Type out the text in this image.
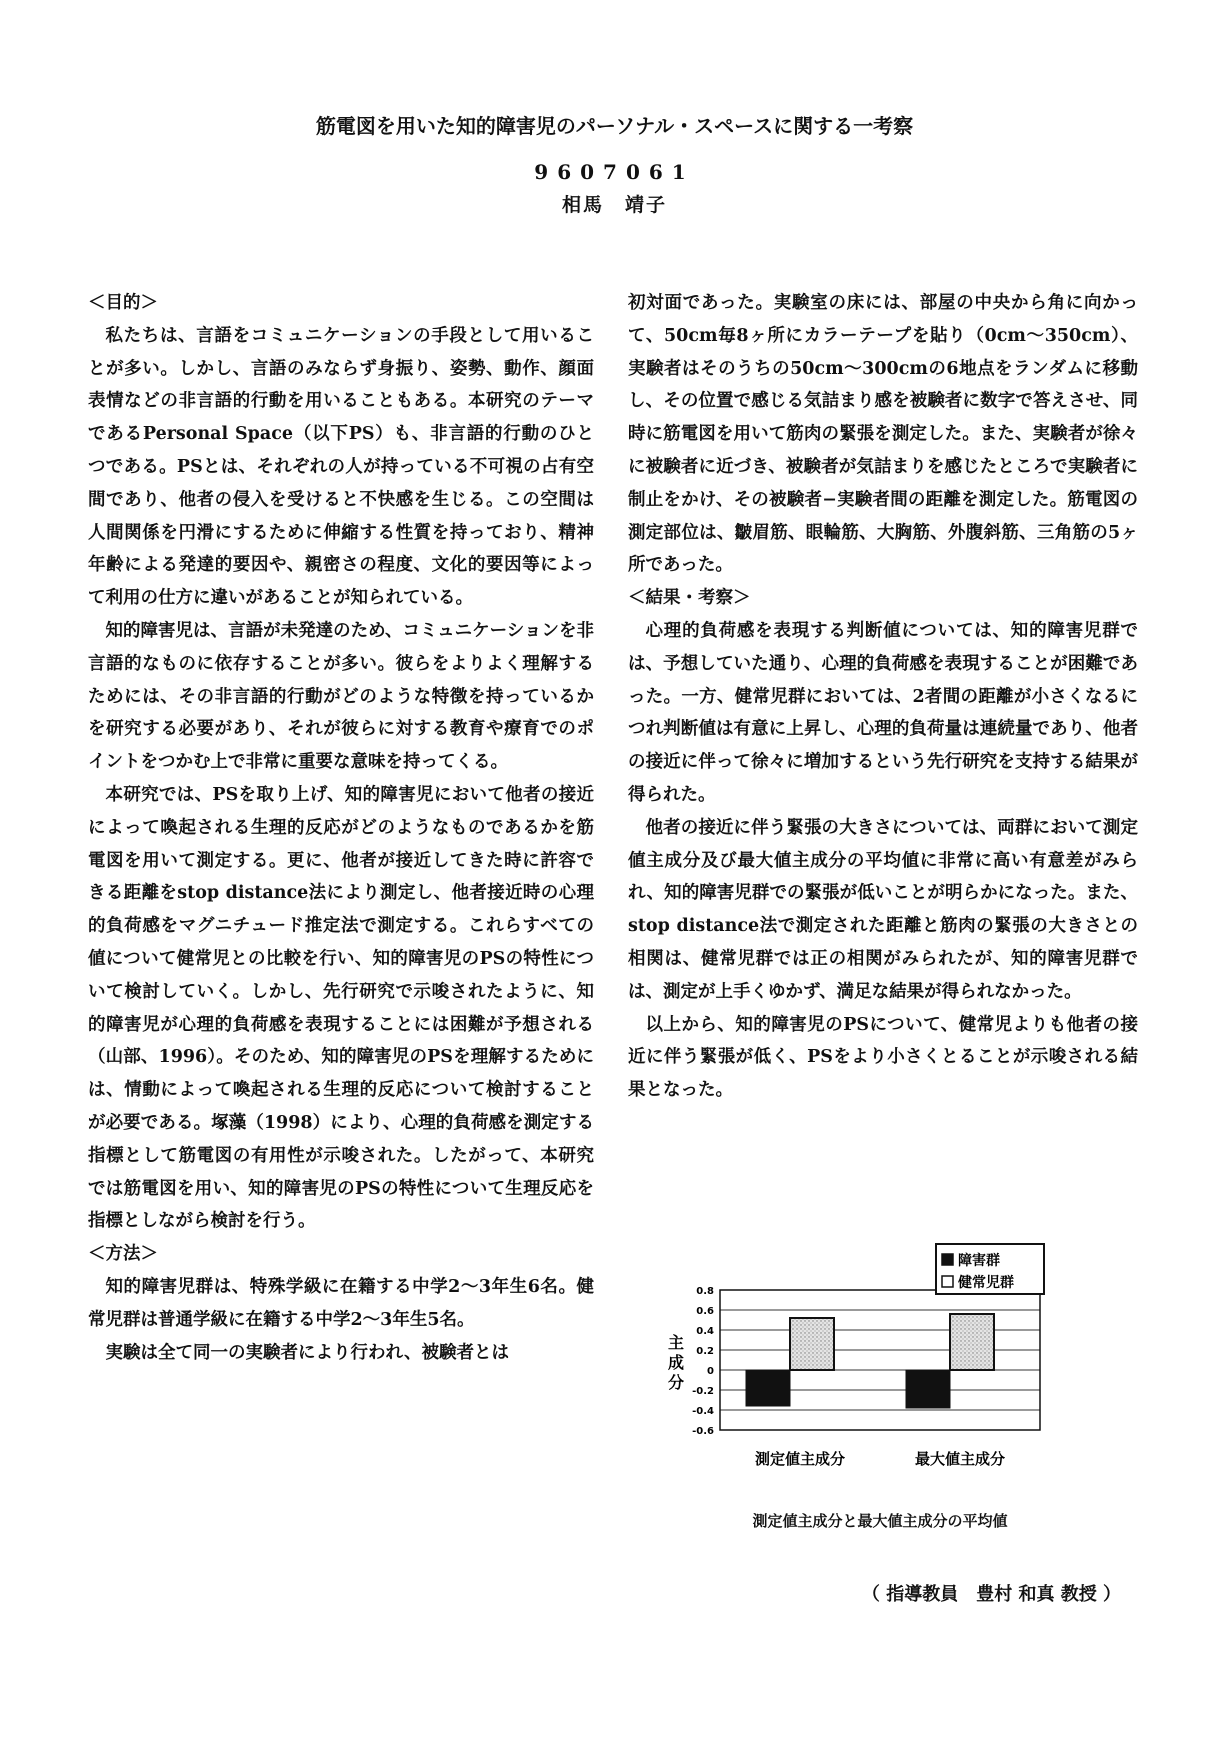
筋電図を用いた知的障害児のパーソナル・スペースに関する一考察
9607061
相馬　靖子

＜目的＞

私たちは、言語をコミュニケーションの手段として用いることが多い。しかし、言語のみならず身振り、姿勢、動作、顔面表情などの非言語的行動を用いることもある。本研究のテーマであるPersonal Space（以下PS）も、非言語的行動のひとつである。PSとは、それぞれの人が持っている不可視の占有空間であり、他者の侵入を受けると不快感を生じる。この空間は人間関係を円滑にするために伸縮する性質を持っており、精神年齢による発達的要因や、親密さの程度、文化的要因等によって利用の仕方に違いがあることが知られている。

知的障害児は、言語が未発達のため、コミュニケーションを非言語的なものに依存することが多い。彼らをよりよく理解するためには、その非言語的行動がどのような特徴を持っているかを研究する必要があり、それが彼らに対する教育や療育でのポイントをつかむ上で非常に重要な意味を持ってくる。

本研究では、PSを取り上げ、知的障害児において他者の接近によって喚起される生理的反応がどのようなものであるかを筋電図を用いて測定する。更に、他者が接近してきた時に許容できる距離をstop distance法により測定し、他者接近時の心理的負荷感をマグニチュード推定法で測定する。これらすべての値について健常児との比較を行い、知的障害児のPSの特性について検討していく。しかし、先行研究で示唆されたように、知的障害児が心理的負荷感を表現することには困難が予想される（山部、1996）。そのため、知的障害児のPSを理解するためには、情動によって喚起される生理的反応について検討することが必要である。塚藻（1998）により、心理的負荷感を測定する指標として筋電図の有用性が示唆された。したがって、本研究では筋電図を用い、知的障害児のPSの特性について生理反応を指標としながら検討を行う。

＜方法＞

知的障害児群は、特殊学級に在籍する中学2〜3年生6名。健常児群は普通学級に在籍する中学2〜3年生5名。

実験は全て同一の実験者により行われ、被験者とは

初対面であった。実験室の床には、部屋の中央から角に向かって、50cm毎8ヶ所にカラーテープを貼り（0cm〜350cm）、実験者はそのうちの50cm〜300cmの6地点をランダムに移動し、その位置で感じる気詰まり感を被験者に数字で答えさせ、同時に筋電図を用いて筋肉の緊張を測定した。また、実験者が徐々に被験者に近づき、被験者が気詰まりを感じたところで実験者に制止をかけ、その被験者−実験者間の距離を測定した。筋電図の測定部位は、皺眉筋、眼輪筋、大胸筋、外腹斜筋、三角筋の5ヶ所であった。

＜結果・考察＞

心理的負荷感を表現する判断値については、知的障害児群では、予想していた通り、心理的負荷感を表現することが困難であった。一方、健常児群においては、2者間の距離が小さくなるにつれ判断値は有意に上昇し、心理的負荷量は連続量であり、他者の接近に伴って徐々に増加するという先行研究を支持する結果が得られた。

他者の接近に伴う緊張の大きさについては、両群において測定値主成分及び最大値主成分の平均値に非常に高い有意差がみられ、知的障害児群での緊張が低いことが明らかになった。また、stop distance法で測定された距離と筋肉の緊張の大きさとの相関は、健常児群では正の相関がみられたが、知的障害児群では、測定が上手くゆかず、満足な結果が得られなかった。

以上から、知的障害児のPSについて、健常児よりも他者の接近に伴う緊張が低く、PSをより小さくとることが示唆される結果となった。

0.8
0.6
0.4
0.2
0
-0.2
-0.4
-0.6
主
成
分
測定値主成分	最大値主成分
障害群
健常児群
測定値主成分と最大値主成分の平均値
（ 指導教員　豊村 和真 教授 ）
